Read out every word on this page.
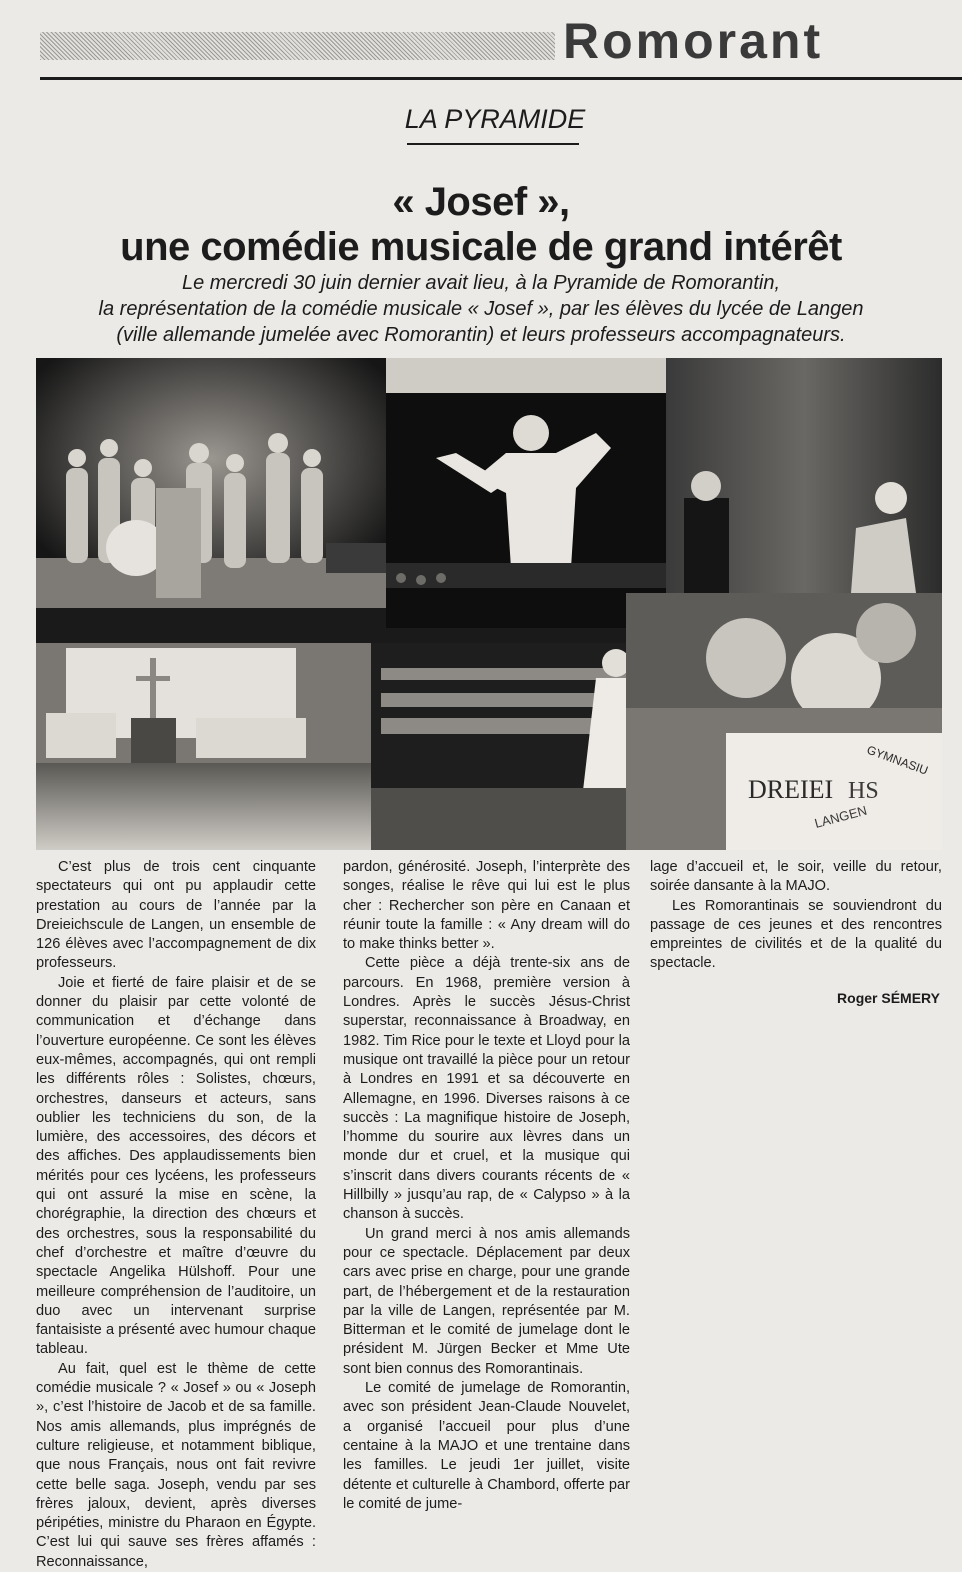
Romorant
LA PYRAMIDE
« Josef »,
une comédie musicale de grand intérêt
Le mercredi 30 juin dernier avait lieu, à la Pyramide de Romorantin,
la représentation de la comédie musicale « Josef », par les élèves du lycée de Langen
(ville allemande jumelée avec Romorantin) et leurs professeurs accompagnateurs.
DREIEI HS
GYMNASIU
LANGEN

C’est plus de trois cent cinquante spectateurs qui ont pu applaudir cette prestation au cours de l’année par la Dreieichscule de Langen, un ensemble de 126 élèves avec l’accompagnement de dix professeurs.

Joie et fierté de faire plaisir et de se donner du plaisir par cette volonté de communication et d’échange dans l’ouverture européenne. Ce sont les élèves eux-mêmes, accompagnés, qui ont rempli les différents rôles : Solistes, chœurs, orchestres, danseurs et acteurs, sans oublier les techniciens du son, de la lumière, des accessoires, des décors et des affiches. Des applaudissements bien mérités pour ces lycéens, les professeurs qui ont assuré la mise en scène, la chorégraphie, la direction des chœurs et des orchestres, sous la responsabilité du chef d’orchestre et maître d’œuvre du spectacle Angelika Hülshoff. Pour une meilleure compréhension de l’auditoire, un duo avec un intervenant surprise fantaisiste a présenté avec humour chaque tableau.

Au fait, quel est le thème de cette comédie musicale ? « Josef » ou « Joseph », c’est l’histoire de Jacob et de sa famille. Nos amis allemands, plus imprégnés de culture religieuse, et notamment biblique, que nous Français, nous ont fait revivre cette belle saga. Joseph, vendu par ses frères jaloux, devient, après diverses péripéties, ministre du Pharaon en Égypte. C’est lui qui sauve ses frères affamés : Reconnaissance,

pardon, générosité. Joseph, l’interprète des songes, réalise le rêve qui lui est le plus cher : Rechercher son père en Canaan et réunir toute la famille : « Any dream will do to make thinks better ».

Cette pièce a déjà trente-six ans de parcours. En 1968, première version à Londres. Après le succès Jésus-Christ superstar, reconnaissance à Broadway, en 1982. Tim Rice pour le texte et Lloyd pour la musique ont travaillé la pièce pour un retour à Londres en 1991 et sa découverte en Allemagne, en 1996. Diverses raisons à ce succès : La magnifique histoire de Joseph, l’homme du sourire aux lèvres dans un monde dur et cruel, et la musique qui s’inscrit dans divers courants récents de « Hillbilly » jusqu’au rap, de « Calypso » à la chanson à succès.

Un grand merci à nos amis allemands pour ce spectacle. Déplacement par deux cars avec prise en charge, pour une grande part, de l’hébergement et de la restauration par la ville de Langen, représentée par M. Bitterman et le comité de jumelage dont le président M. Jürgen Becker et Mme Ute sont bien connus des Romorantinais.

Le comité de jumelage de Romorantin, avec son président Jean-Claude Nouvelet, a organisé l’accueil pour plus d’une centaine à la MAJO et une trentaine dans les familles. Le jeudi 1er juillet, visite détente et culturelle à Chambord, offerte par le comité de jume-

lage d’accueil et, le soir, veille du retour, soirée dansante à la MAJO.

Les Romorantinais se souviendront du passage de ces jeunes et des rencontres empreintes de civilités et de la qualité du spectacle.

Roger SÉMERY
